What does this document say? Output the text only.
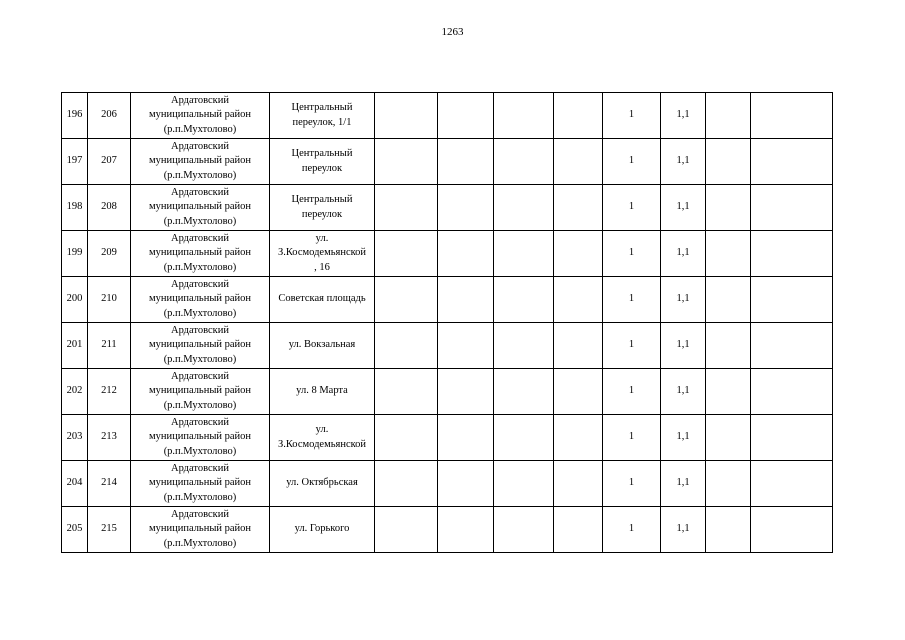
1263
196	206	Ардатовский
муниципальный район
(р.п.Мухтолово)	Центральный
переулок, 1/1					1	1,1		
197	207	Ардатовский
муниципальный район
(р.п.Мухтолово)	Центральный
переулок					1	1,1		
198	208	Ардатовский
муниципальный район
(р.п.Мухтолово)	Центральный
переулок					1	1,1		
199	209	Ардатовский
муниципальный район
(р.п.Мухтолово)	ул.
З.Космодемьянской
, 16					1	1,1		
200	210	Ардатовский
муниципальный район
(р.п.Мухтолово)	Советская площадь					1	1,1		
201	211	Ардатовский
муниципальный район
(р.п.Мухтолово)	ул. Вокзальная					1	1,1		
202	212	Ардатовский
муниципальный район
(р.п.Мухтолово)	ул. 8 Марта					1	1,1		
203	213	Ардатовский
муниципальный район
(р.п.Мухтолово)	ул.
З.Космодемьянской					1	1,1		
204	214	Ардатовский
муниципальный район
(р.п.Мухтолово)	ул. Октябрьская					1	1,1		
205	215	Ардатовский
муниципальный район
(р.п.Мухтолово)	ул. Горького					1	1,1		
